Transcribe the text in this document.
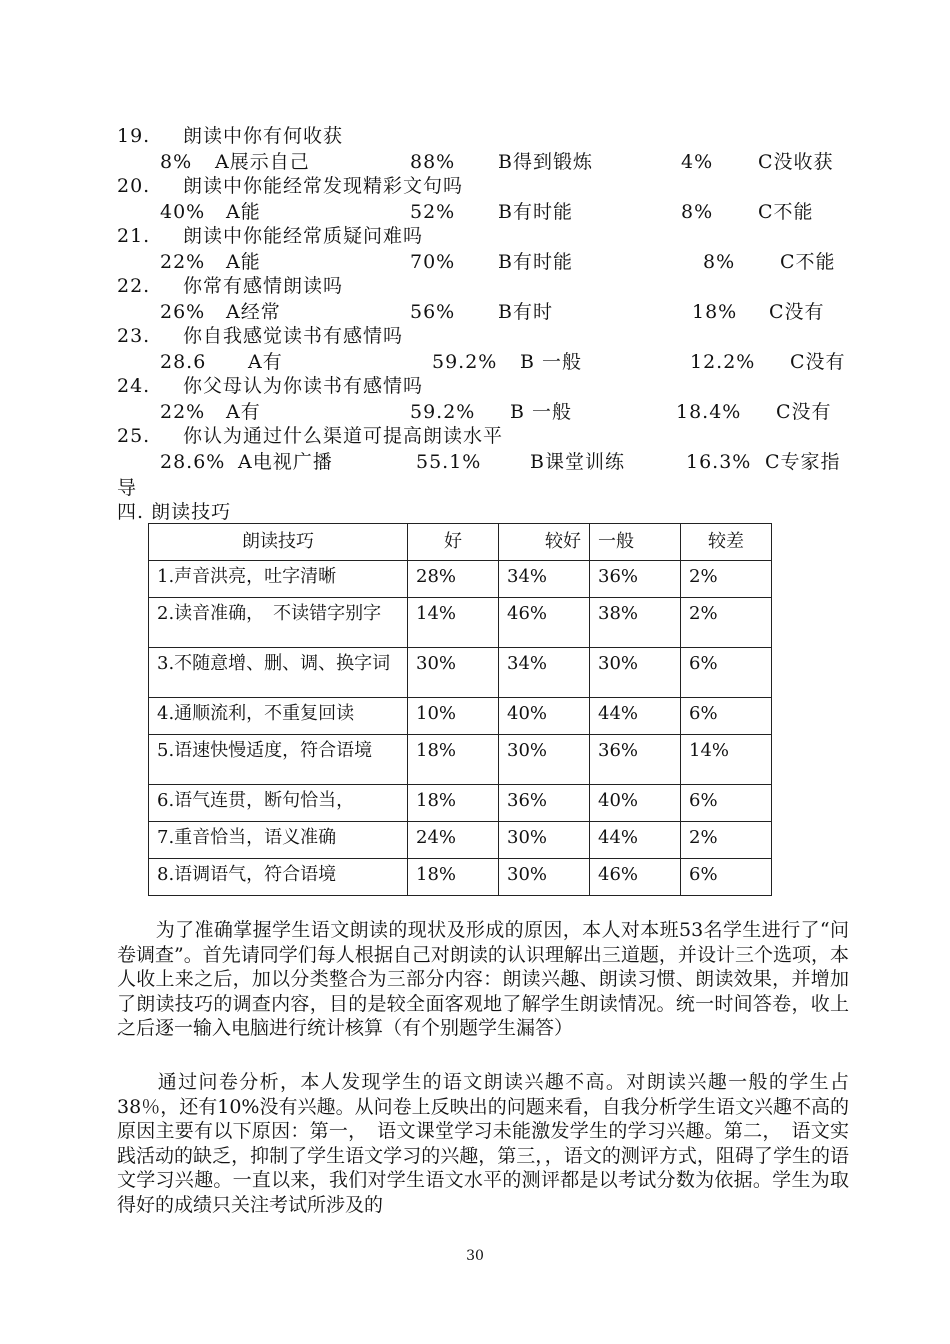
19. 朗读中你有何收获
8% A展示自己	88% B得到锻炼	4% C没收获
20. 朗读中你能经常发现精彩文句吗
40% A能	52% B有时能	8% C不能
21. 朗读中你能经常质疑问难吗
22% A能	70% B有时能	8% C不能
22. 你常有感情朗读吗
26% A经常	56% B有时	18% C没有
23. 你自我感觉读书有感情吗
28.6 A有	59.2% B 一般	12.2% C没有
24. 你父母认为你读书有感情吗
22% A有	59.2% B 一般	18.4% C没有
25. 你认为通过什么渠道可提高朗读水平
28.6% A电视广播	55.1%	B课堂训练	16.3% C专家指
导
四. 朗读技巧
朗读技巧	好	较好	一般	较差
1.声音洪亮，吐字清晰	28%	34%	36%	2%
2.读音准确，　不读错字别字	14%	46%	38%	2%
3.不随意增、删、调、换字词	30%	34%	30%	6%
4.通顺流利，不重复回读	10%	40%	44%	6%
5.语速快慢适度，符合语境	18%	30%	36%	14%
6.语气连贯，断句恰当，	18%	36%	40%	6%
7.重音恰当，语义准确	24%	30%	44%	2%
8.语调语气，符合语境	18%	30%	46%	6%
　　为了准确掌握学生语文朗读的现状及形成的原因，本人对本班53名学生进行了“问卷调查”。首先请同学们每人根据自己对朗读的认识理解出三道题，并设计三个选项，本人收上来之后，加以分类整合为三部分内容：朗读兴趣、朗读习惯、朗读效果，并增加了朗读技巧的调查内容，目的是较全面客观地了解学生朗读情况。统一时间答卷，收上之后逐一输入电脑进行统计核算（有个别题学生漏答）
　　通过问卷分析，本人发现学生的语文朗读兴趣不高。对朗读兴趣一般的学生占38％，还有10%没有兴趣。从问卷上反映出的问题来看，自我分析学生语文兴趣不高的原因主要有以下原因：第一，　语文课堂学习未能激发学生的学习兴趣。第二，　语文实践活动的缺乏，抑制了学生语文学习的兴趣，第三，，语文的测评方式，阻碍了学生的语文学习兴趣。一直以来，我们对学生语文水平的测评都是以考试分数为依据。学生为取得好的成绩只关注考试所涉及的
30
